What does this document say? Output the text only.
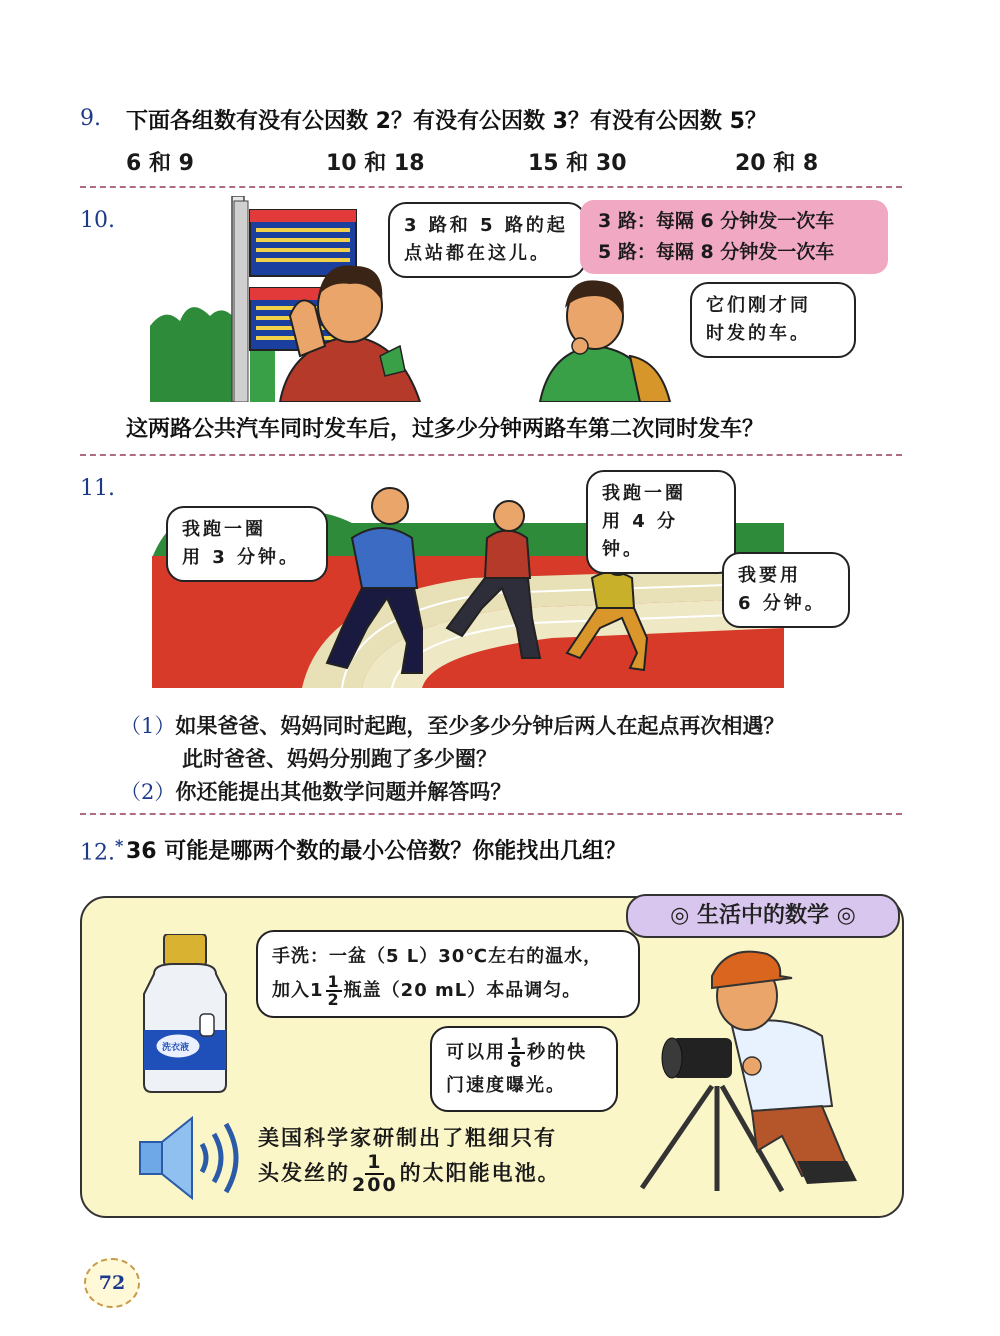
9. 下面各组数有没有公因数 2？有没有公因数 3？有没有公因数 5？
6 和 9	10 和 18	15 和 30	20 和 8
10.	3 路和 5 路的起
点站都在这儿。
3 路：每隔 6 分钟发一次车
5 路：每隔 8 分钟发一次车
它们刚才同
时发的车。
这两路公共汽车同时发车后，过多少分钟两路车第二次同时发车？
11.
我跑一圈
用 3 分钟。
我跑一圈
用 4 分钟。
我要用
6 分钟。
（1）如果爸爸、妈妈同时起跑，至少多少分钟后两人在起点再次相遇？
此时爸爸、妈妈分别跑了多少圈？
（2）你还能提出其他数学问题并解答吗？
12.* 36 可能是哪两个数的最小公倍数？你能找出几组？
◎ 生活中的数学 ◎
洗衣液
手洗：一盆（5 L）30℃左右的温水，
加入$1 \frac{1}{2}$ 瓶盖（20 mL）本品调匀。
可以用 $\frac{1}{8}$ 秒的快
门速度曝光。
美国科学家研制出了粗细只有
头发丝的 $\frac{1}{200}$ 的太阳能电池。
72
